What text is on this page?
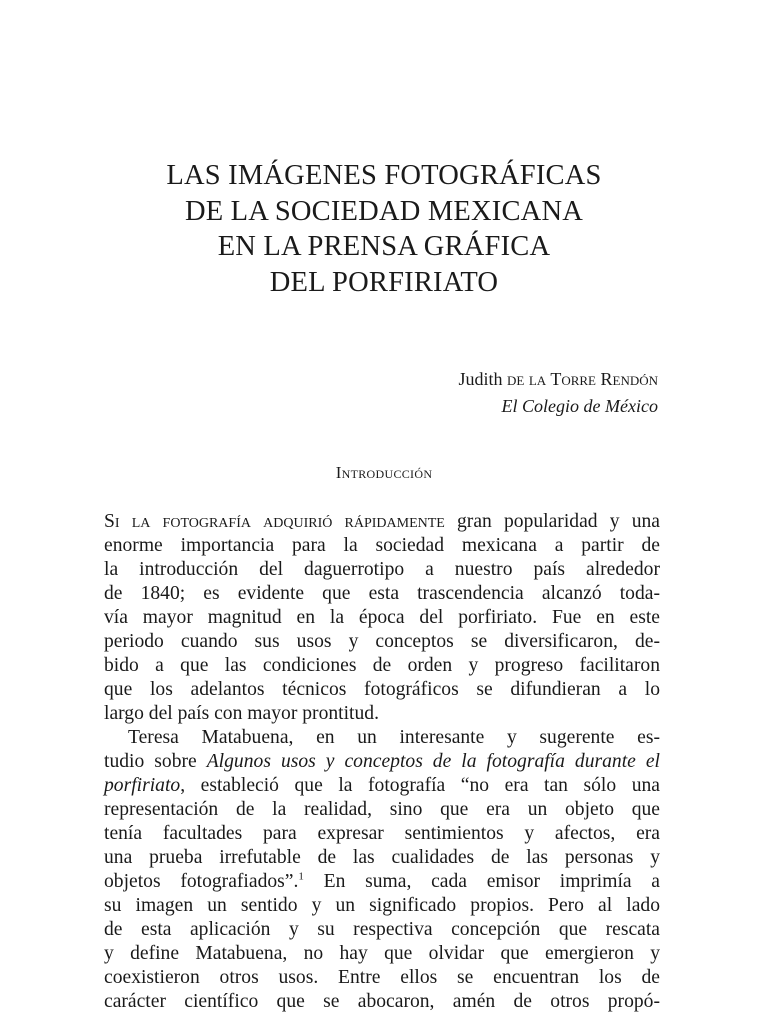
LAS IMÁGENES FOTOGRÁFICAS
DE LA SOCIEDAD MEXICANA
EN LA PRENSA GRÁFICA
DEL PORFIRIATO
Judith de la Torre Rendón
El Colegio de México
Introducción
Si la fotografía adquirió rápidamente gran popularidad y una
enorme importancia para la sociedad mexicana a partir de
la introducción del daguerrotipo a nuestro país alrededor
de 1840; es evidente que esta trascendencia alcanzó toda-
vía mayor magnitud en la época del porfiriato. Fue en este
periodo cuando sus usos y conceptos se diversificaron, de-
bido a que las condiciones de orden y progreso facilitaron
que los adelantos técnicos fotográficos se difundieran a lo
largo del país con mayor prontitud.
Teresa Matabuena, en un interesante y sugerente es-
tudio sobre Algunos usos y conceptos de la fotografía durante el
porfiriato, estableció que la fotografía “no era tan sólo una
representación de la realidad, sino que era un objeto que
tenía facultades para expresar sentimientos y afectos, era
una prueba irrefutable de las cualidades de las personas y
objetos fotografiados”.$^1$ En suma, cada emisor imprimía a
su imagen un sentido y un significado propios. Pero al lado
de esta aplicación y su respectiva concepción que rescata
y define Matabuena, no hay que olvidar que emergieron y
coexistieron otros usos. Entre ellos se encuentran los de
carácter científico que se abocaron, amén de otros propó-
